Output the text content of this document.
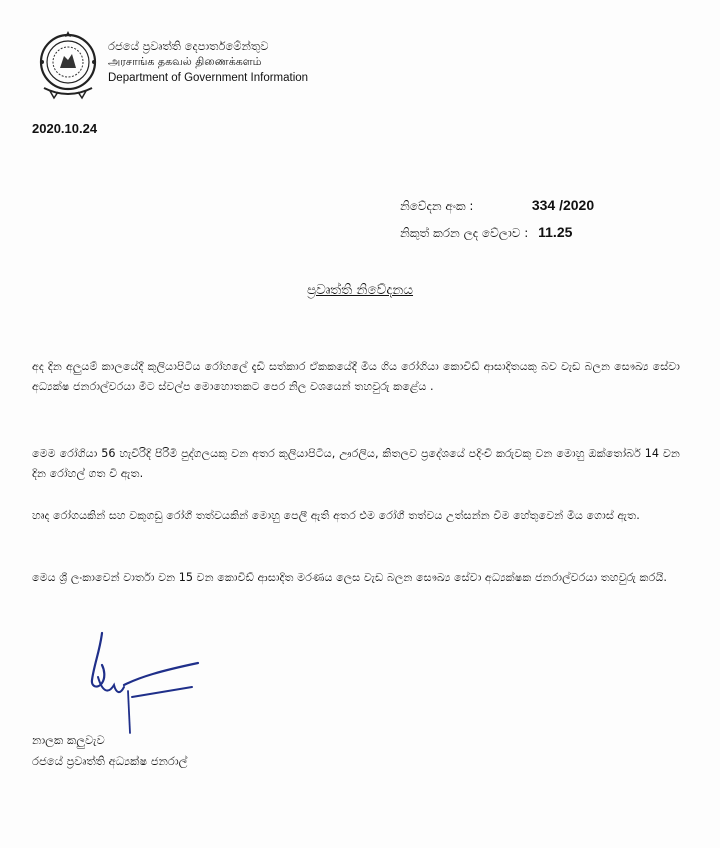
රජයේ ප්‍රවෘත්ති දෙපාර්තමේන්තුව
அரசாங்க தகவல் திணைக்களம்
Department of Government Information
2020.10.24
නිවේදන අංක :	334 /2020
නිකුත් කරන ලද වේලාව : 11.25
ප්‍රවෘත්ති නිවේදනය

අද දින අලුයම් කාලයේදී කුලියාපිටිය රෝහලේ දැඩි සත්කාර ඒකකයේදී මිය ගිය රෝගියා කොවිඩ් ආසාදිතයකු බව වැඩ බලන සෞඛ්‍ය සේවා අධ්‍යක්ෂ ජනරාල්වරයා මීට ස්වල්ප මොහොතකට පෙර නිල වශයෙන් තහවුරු කළේය .

මෙම රෝගියා 56 හැවිරිදි පිරිමි පුද්ගලයකු වන අතර කුලියාපිටිය, ඌරලිය, කිතලව ප්‍රදේශයේ පදිංචි කරුවකු වන මොහු ඔක්තෝබර් 14 වන දින රෝහල් ගත වී ඇත.

හෘද රෝගයකින් සහ වකුගඩු රෝගී තත්වයකින් මොහු පෙලී ඇති අතර එම රෝගී තත්වය උත්සන්න වීම හේතුවෙන් මිය ගොස් ඇත.

මෙය ශ්‍රී ලංකාවෙන් වාර්තා වන 15 වන කොවිඩ් ආසාදිත මරණය ලෙස වැඩ බලන සෞඛ්‍ය සේවා අධ්‍යක්ෂක ජනරාල්වරයා තහවුරු කරයි.

නාලක කලුවැව
රජයේ ප්‍රවෘත්ති අධ්‍යක්ෂ ජනරාල්
